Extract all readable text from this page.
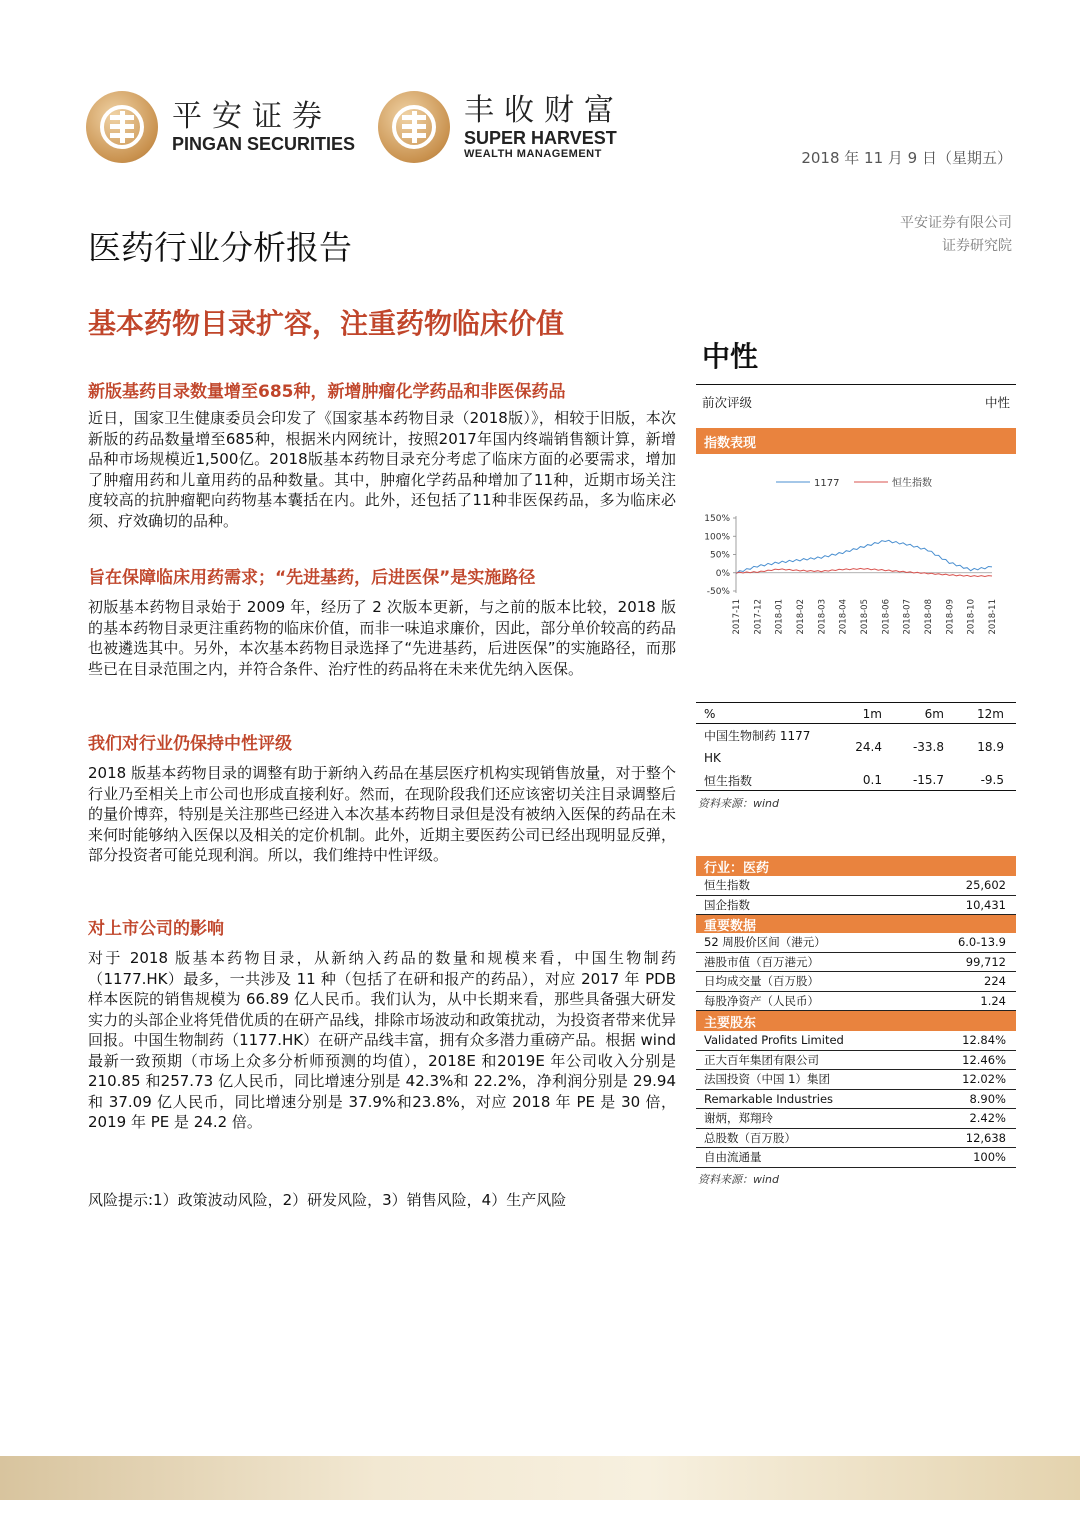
平安证券
PINGAN SECURITIES
丰收财富
SUPER HARVEST
WEALTH MANAGEMENT	2018 年 11 月 9 日（星期五）
平安证券有限公司
证券研究院
医药行业分析报告
基本药物目录扩容，注重药物临床价值
中性
新版基药目录数量增至685种，新增肿瘤化学药品和非医保药品
近日，国家卫生健康委员会印发了《国家基本药物目录（2018版）》，相较于旧版，本次新版的药品数量增至685种，根据米内网统计，按照2017年国内终端销售额计算，新增品种市场规模近1,500亿。2018版基本药物目录充分考虑了临床方面的必要需求，增加了肿瘤用药和儿童用药的品种数量。其中，肿瘤化学药品种增加了11种，近期市场关注度较高的抗肿瘤靶向药物基本囊括在内。此外，还包括了11种非医保药品，多为临床必须、疗效确切的品种。
旨在保障临床用药需求；“先进基药，后进医保”是实施路径
初版基本药物目录始于 2009 年，经历了 2 次版本更新，与之前的版本比较，2018 版的基本药物目录更注重药物的临床价值，而非一味追求廉价，因此，部分单价较高的药品也被遴选其中。另外，本次基本药物目录选择了“先进基药，后进医保”的实施路径，而那些已在目录范围之内，并符合条件、治疗性的药品将在未来优先纳入医保。
我们对行业仍保持中性评级
2018 版基本药物目录的调整有助于新纳入药品在基层医疗机构实现销售放量，对于整个行业乃至相关上市公司也形成直接利好。然而，在现阶段我们还应该密切关注目录调整后的量价博弈，特别是关注那些已经进入本次基本药物目录但是没有被纳入医保的药品在未来何时能够纳入医保以及相关的定价机制。此外，近期主要医药公司已经出现明显反弹，部分投资者可能兑现利润。所以，我们维持中性评级。
对上市公司的影响
对于 2018 版基本药物目录，从新纳入药品的数量和规模来看，中国生物制药（1177.HK）最多，一共涉及 11 种（包括了在研和报产的药品），对应 2017 年 PDB 样本医院的销售规模为 66.89 亿人民币。我们认为，从中长期来看，那些具备强大研发实力的头部企业将凭借优质的在研产品线，排除市场波动和政策扰动，为投资者带来优异回报。中国生物制药（1177.HK）在研产品线丰富，拥有众多潜力重磅产品。根据 wind 最新一致预期（市场上众多分析师预测的均值），2018E 和2019E 年公司收入分别是 210.85 和257.73 亿人民币，同比增速分别是 42.3%和 22.2%，净利润分别是 29.94 和 37.09 亿人民币，同比增速分别是 37.9%和23.8%，对应 2018 年 PE 是 30 倍，2019 年 PE 是 24.2 倍。
风险提示:1）政策波动风险，2）研发风险，3）销售风险，4）生产风险
前次评级	中性
指数表现
1177	恒生指数
150%
100%
50%
0%
-50%
2017-11 2017-12 2018-01 2018-02 2018-03 2018-04 2018-05 2018-06 2018-07 2018-08 2018-09 2018-10 2018-11
%	1m	6m	12m
中国生物制药 1177
HK
24.4	-33.8	18.9
恒生指数	0.1	-15.7	-9.5
资料来源：wind
行业：医药
恒生指数	25,602
国企指数	10,431
重要数据
52 周股价区间（港元）	6.0-13.9
港股市值（百万港元）	99,712
日均成交量（百万股）	224
每股净资产（人民币）	1.24
主要股东
Validated Profits Limited	12.84%
正大百年集团有限公司	12.46%
法国投资（中国 1）集团	12.02%
Remarkable Industries	8.90%
谢炳，郑翔玲	2.42%
总股数（百万股）	12,638
自由流通量	100%
资料来源：wind
